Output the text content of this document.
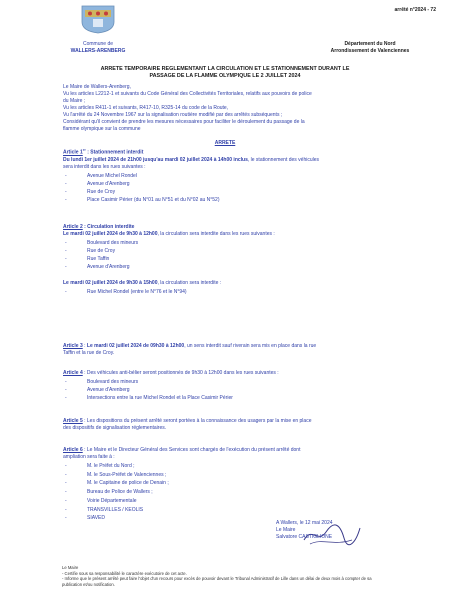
arrêté n°2024 - 72
Commune de
WALLERS-ARENBERG
Département du Nord
Arrondissement de Valenciennes
ARRETE TEMPORAIRE REGLEMENTANT LA CIRCULATION ET LE STATIONNEMENT DURANT LE
PASSAGE DE LA FLAMME OLYMPIQUE LE 2 JUILLET 2024
Le Maire de Wallers-Arenberg,
Vu les articles L2212-1 et suivants du Code Général des Collectivités Territoriales, relatifs aux pouvoirs de police
du Maire ;
Vu les articles R411-1 et suivants, R417-10, R325-14 du code de la Route,
Vu l'arrêté du 24 Novembre 1967 sur la signalisation routière modifié par des arrêtés subséquents ;
Considérant qu'il convient de prendre les mesures nécessaires pour faciliter le déroulement du passage de la
flamme olympique sur la commune
ARRETE
Article 1er : Stationnement interdit
Du lundi 1er juillet 2024 de 21h00 jusqu'au mardi 02 juillet 2024 à 14h00 inclus, le stationnement des véhicules
sera interdit dans les rues suivantes :
- Avenue Michel Rondel
- Avenue d'Arenberg
- Rue de Croy
- Place Casimir Périer (du N°01 au N°51 et du N°02 au N°52)
Article 2 : Circulation interdite
Le mardi 02 juillet 2024 de 9h30 à 12h00, la circulation sera interdite dans les rues suivantes :
- Boulevard des mineurs
- Rue de Croy
- Rue Taffin
- Avenue d'Arenberg
Le mardi 02 juillet 2024 de 9h30 à 15h00, la circulation sera interdite :
- Rue Michel Rondel (entre le N°76 et le N°94)
Article 3 : Le mardi 02 juillet 2024 de 09h30 à 12h00, un sens interdit sauf riverain sera mis en place dans la rue
Taffin et la rue de Croy.
Article 4 : Des véhicules anti-bélier seront positionnés de 9h30 à 12h00 dans les rues suivantes :
- Boulevard des mineurs
- Avenue d'Arenberg
- Intersections entre la rue Michel Rondel et la Place Casimir Périer
Article 5 : Les dispositions du présent arrêté seront portées à la connaissance des usagers par la mise en place
des dispositifs de signalisation réglementaires.
Article 6 : Le Maire et le Directeur Général des Services sont chargés de l'exécution du présent arrêté dont
ampliation sera faite à :
- M. le Préfet du Nord ;
- M. le Sous-Préfet de Valenciennes ;
- M. le Capitaine de police de Denain ;
- Bureau de Police de Wallers ;
- Voirie Départementale
- TRANSVILLES / KEOLIS
- SIAVED
A Wallers, le 12 mai 2024
Le Maire
Salvatore CASTIGLIONE
Le Maire
- Certifie sous sa responsabilité le caractère exécutoire de cet acte.
- Informe que le présent arrêté peut faire l'objet d'un recours pour excès de pouvoir devant le Tribunal Administratif de Lille dans un délai de deux mois à compter de sa
publication et/ou notification.
